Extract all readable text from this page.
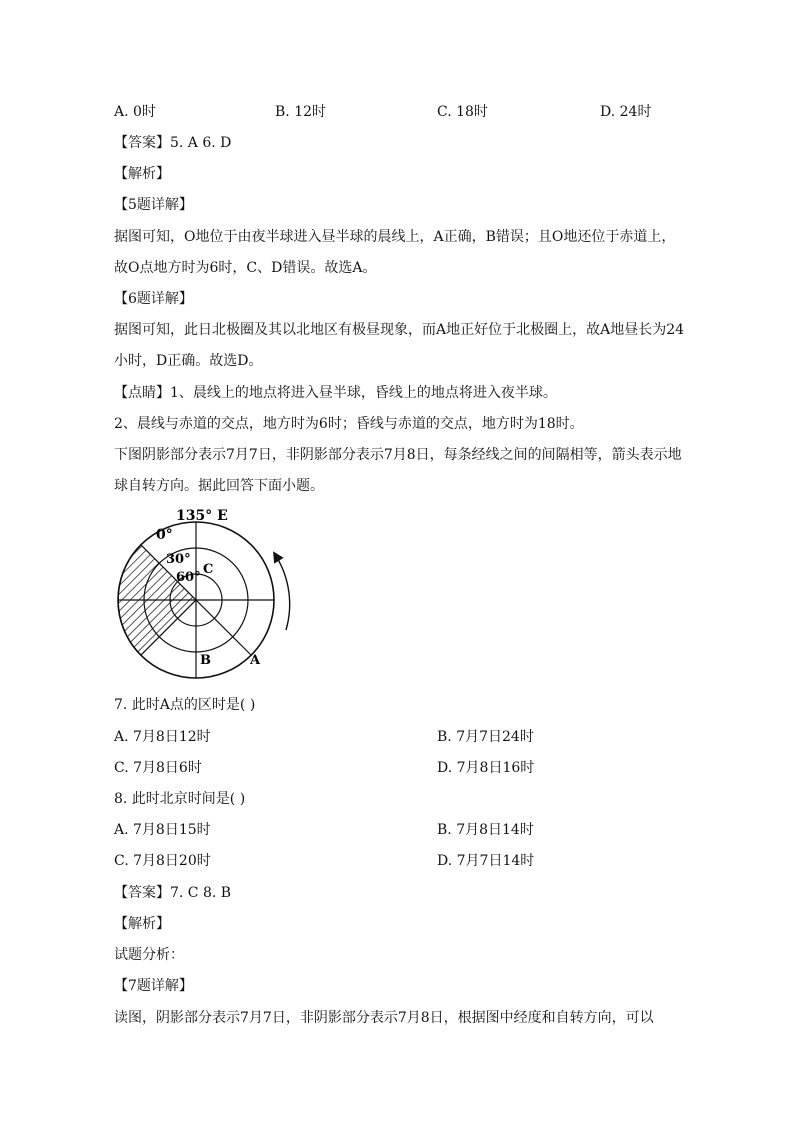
A. 0时	B. 12时	C. 18时	D. 24时
【答案】5. A 6. D
【解析】
【5题详解】
据图可知，O地位于由夜半球进入昼半球的晨线上，A正确，B错误；且O地还位于赤道上，
故O点地方时为6时，C、D错误。故选A。
【6题详解】
据图可知，此日北极圈及其以北地区有极昼现象，而A地正好位于北极圈上，故A地昼长为24
小时，D正确。故选D。
【点睛】1、晨线上的地点将进入昼半球，昏线上的地点将进入夜半球。
2、晨线与赤道的交点，地方时为6时；昏线与赤道的交点，地方时为18时。
下图阴影部分表示7月7日，非阴影部分表示7月8日，每条经线之间的间隔相等，箭头表示地
球自转方向。据此回答下面小题。
135° E
0°
30°
60°
C
B	A
7. 此时A点的区时是( )
A. 7月8日12时	B. 7月7日24时
C. 7月8日6时	D. 7月8日16时
8. 此时北京时间是( )
A. 7月8日15时	B. 7月8日14时
C. 7月8日20时	D. 7月7日14时
【答案】7. C 8. B
【解析】
试题分析：
【7题详解】
读图，阴影部分表示7月7日，非阴影部分表示7月8日，根据图中经度和自转方向，可以
